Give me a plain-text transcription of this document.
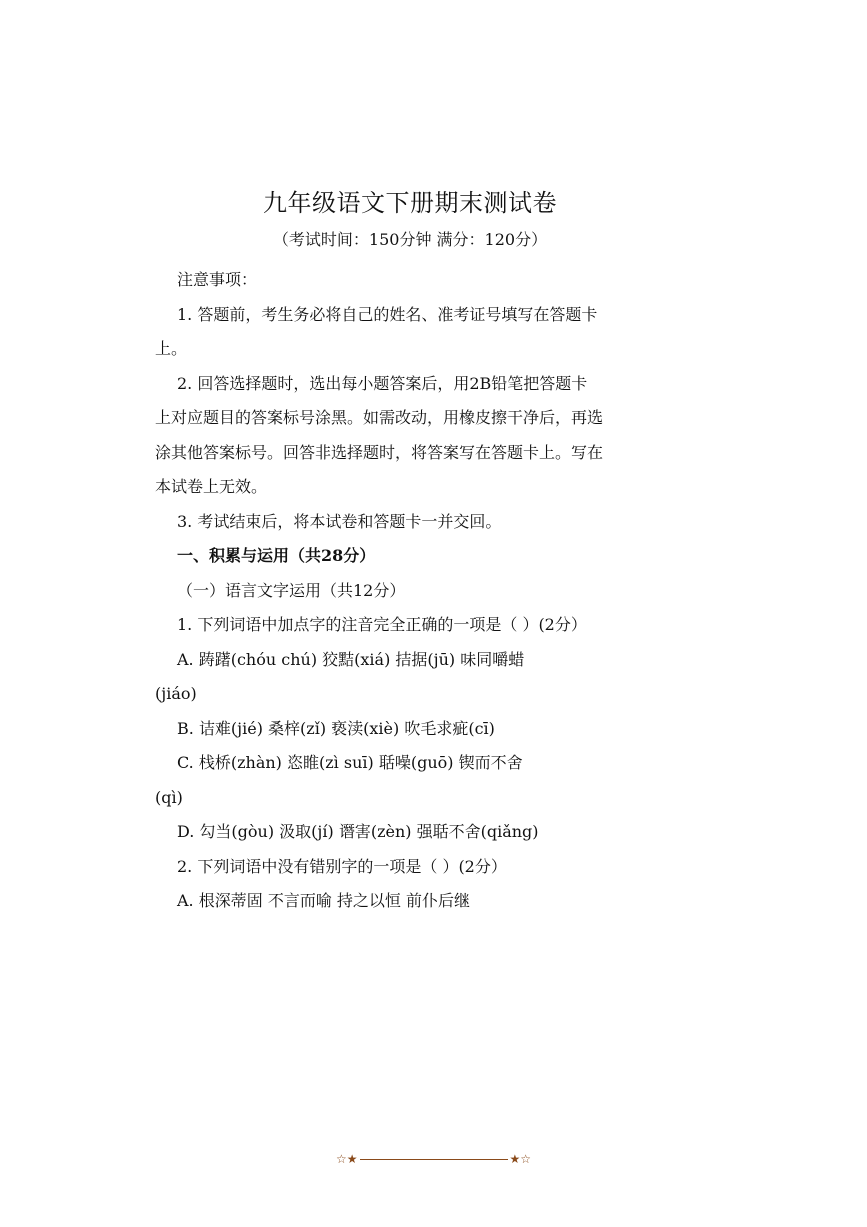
九年级语文下册期末测试卷
（考试时间：150分钟 满分：120分）
注意事项：
1. 答题前，考生务必将自己的姓名、准考证号填写在答题卡
上。
2. 回答选择题时，选出每小题答案后，用2B铅笔把答题卡
上对应题目的答案标号涂黑。如需改动，用橡皮擦干净后，再选
涂其他答案标号。回答非选择题时，将答案写在答题卡上。写在
本试卷上无效。
3. 考试结束后，将本试卷和答题卡一并交回。
一、积累与运用（共28分）
（一）语言文字运用（共12分）
1. 下列词语中加点字的注音完全正确的一项是（ ）(2分）
A. 踌躇(chóu chú) 狡黠(xiá) 拮据(jū) 味同嚼蜡
(jiáo)
B. 诘难(jié) 桑梓(zǐ) 亵渎(xiè) 吹毛求疵(cī)
C. 栈桥(zhàn) 恣睢(zì suī) 聒噪(guō) 锲而不舍
(qì)
D. 勾当(gòu) 汲取(jí) 谮害(zèn) 强聒不舍(qiǎng)
2. 下列词语中没有错别字的一项是（ ）(2分）
A. 根深蒂固 不言而喻 持之以恒 前仆后继
☆★	★☆
